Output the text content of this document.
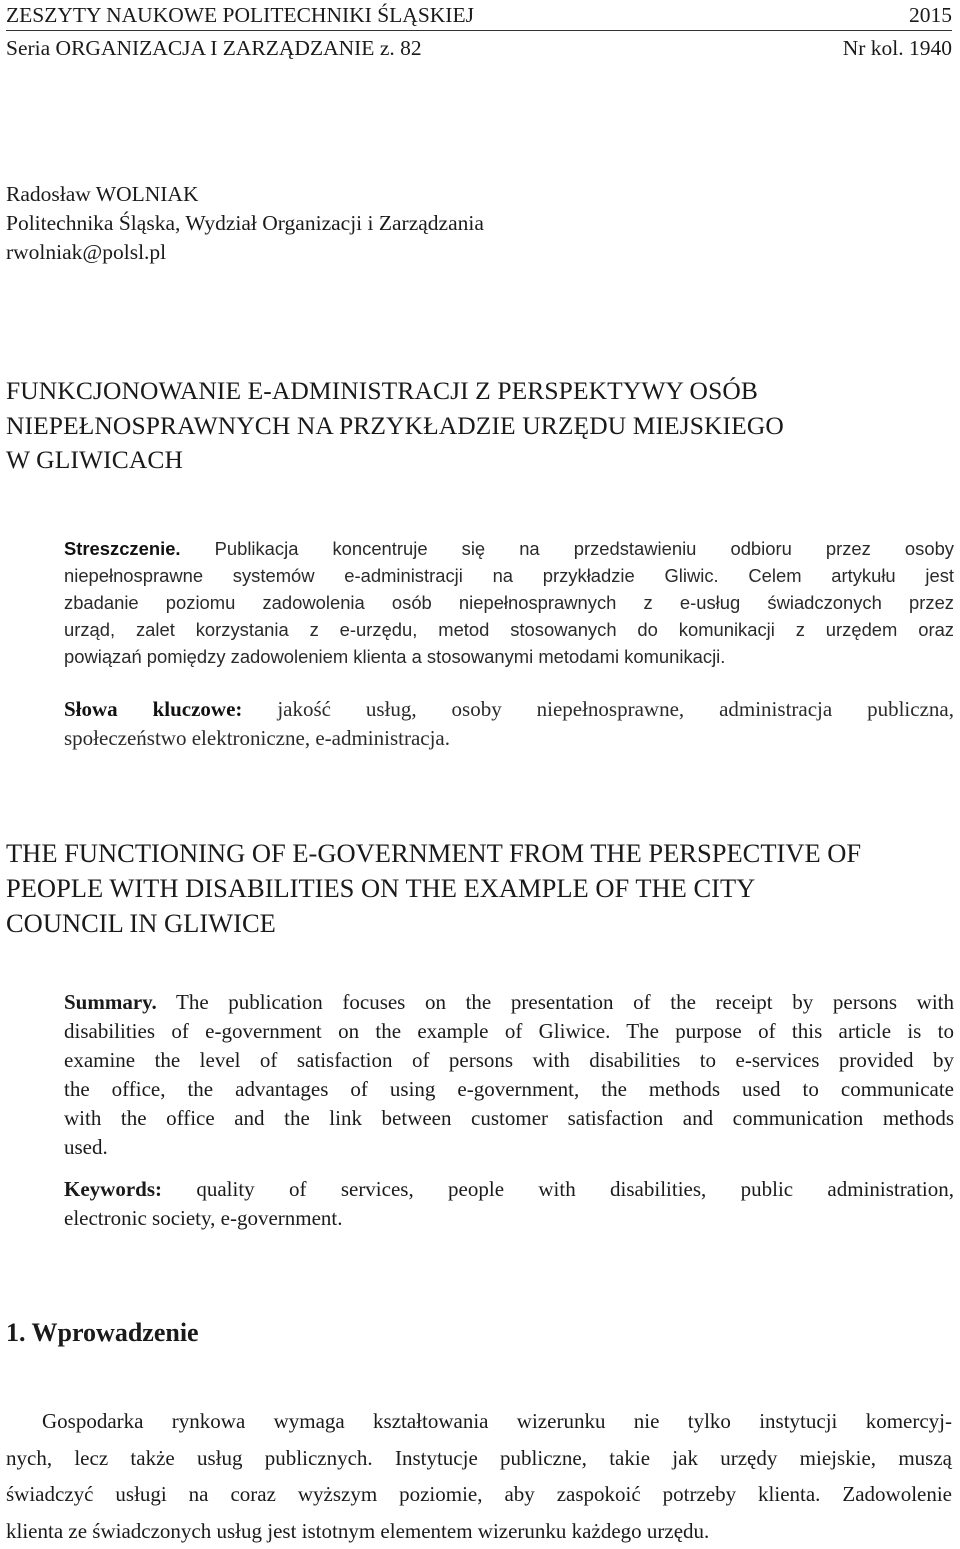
ZESZYTY NAUKOWE POLITECHNIKI ŚLĄSKIEJ	2015
Seria ORGANIZACJA I ZARZĄDZANIE z. 82	Nr kol. 1940
Radosław WOLNIAK
Politechnika Śląska, Wydział Organizacji i Zarządzania
rwolniak@polsl.pl
FUNKCJONOWANIE E-ADMINISTRACJI Z PERSPEKTYWY OSÓB
NIEPEŁNOSPRAWNYCH NA PRZYKŁADZIE URZĘDU MIEJSKIEGO
W GLIWICACH
Streszczenie. Publikacja koncentruje się na przedstawieniu odbioru przez osoby
niepełnosprawne systemów e-administracji na przykładzie Gliwic. Celem artykułu jest
zbadanie poziomu zadowolenia osób niepełnosprawnych z e-usług świadczonych przez
urząd, zalet korzystania z e-urzędu, metod stosowanych do komunikacji z urzędem oraz
powiązań pomiędzy zadowoleniem klienta a stosowanymi metodami komunikacji.
Słowa kluczowe: jakość usług, osoby niepełnosprawne, administracja publiczna,
społeczeństwo elektroniczne, e-administracja.
THE FUNCTIONING OF E-GOVERNMENT FROM THE PERSPECTIVE OF
PEOPLE WITH DISABILITIES ON THE EXAMPLE OF THE CITY
COUNCIL IN GLIWICE
Summary. The publication focuses on the presentation of the receipt by persons with
disabilities of e-government on the example of Gliwice. The purpose of this article is to
examine the level of satisfaction of persons with disabilities to e-services provided by
the office, the advantages of using e-government, the methods used to communicate
with the office and the link between customer satisfaction and communication methods
used.
Keywords: quality of services, people with disabilities, public administration,
electronic society, e-government.
1. Wprowadzenie
Gospodarka rynkowa wymaga kształtowania wizerunku nie tylko instytucji komercyj-
nych, lecz także usług publicznych. Instytucje publiczne, takie jak urzędy miejskie, muszą
świadczyć usługi na coraz wyższym poziomie, aby zaspokoić potrzeby klienta. Zadowolenie
klienta ze świadczonych usług jest istotnym elementem wizerunku każdego urzędu.
